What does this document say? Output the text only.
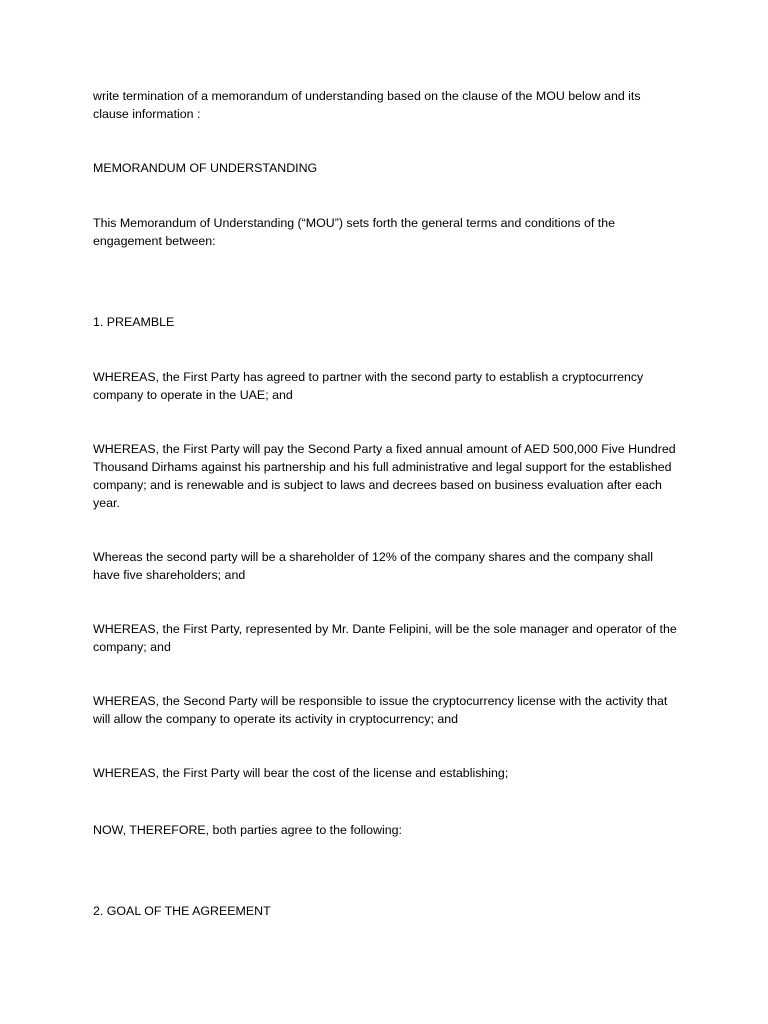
write termination of a memorandum of understanding based on the clause of the MOU below and its clause information :

MEMORANDUM OF UNDERSTANDING

This Memorandum of Understanding (“MOU”) sets forth the general terms and conditions of the engagement between:

1. PREAMBLE

WHEREAS, the First Party has agreed to partner with the second party to establish a cryptocurrency company to operate in the UAE; and

WHEREAS, the First Party will pay the Second Party a fixed annual amount of AED 500,000 Five Hundred Thousand Dirhams against his partnership and his full administrative and legal support for the established company; and is renewable and is subject to laws and decrees based on business evaluation after each year.

Whereas the second party will be a shareholder of 12% of the company shares and the company shall have five shareholders; and

WHEREAS, the First Party, represented by Mr. Dante Felipini, will be the sole manager and operator of the company; and

WHEREAS, the Second Party will be responsible to issue the cryptocurrency license with the activity that will allow the company to operate its activity in cryptocurrency; and

WHEREAS, the First Party will bear the cost of the license and establishing;

NOW, THEREFORE, both parties agree to the following:

2. GOAL OF THE AGREEMENT
